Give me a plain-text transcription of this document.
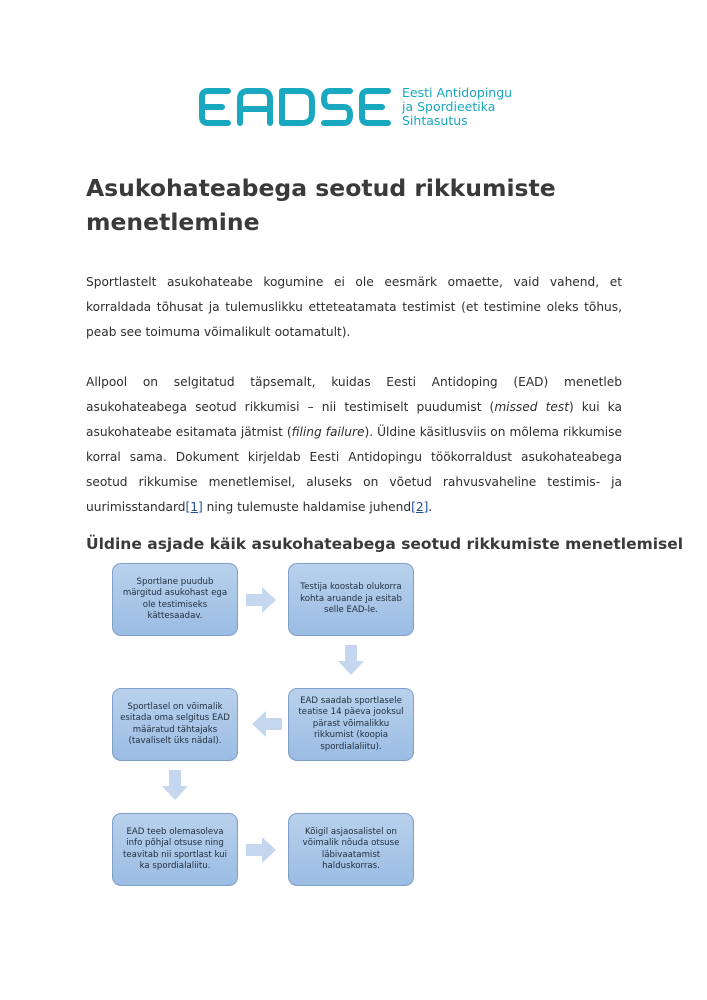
Eesti Antidopingu
ja Spordieetika
Sihtasutus
Asukohateabega seotud rikkumiste menetlemine

Sportlastelt asukohateabe kogumine ei ole eesmärk omaette, vaid vahend, et korraldada tõhusat ja tulemuslikku etteteatamata testimist (et testimine oleks tõhus, peab see toimuma võimalikult ootamatult).

Allpool on selgitatud täpsemalt, kuidas Eesti Antidoping (EAD) menetleb asukohateabega seotud rikkumisi – nii testimiselt puudumist (missed test) kui ka asukohateabe esitamata jätmist (filing failure). Üldine käsitlusviis on mõlema rikkumise korral sama. Dokument kirjeldab Eesti Antidopingu töökorraldust asukohateabega seotud rikkumise menetlemisel, aluseks on võetud rahvusvaheline testimis- ja uurimisstandard[1] ning tulemuste haldamise juhend[2].

Üldine asjade käik asukohateabega seotud rikkumiste menetlemisel
Sportlane puudub märgitud asukohast ega ole testimiseks kättesaadav.
Testija koostab olukorra kohta aruande ja esitab selle EAD-le.
EAD saadab sportlasele teatise 14 päeva jooksul pärast võimalikku rikkumist (koopia spordialaliitu).
Sportlasel on võimalik esitada oma selgitus EAD määratud tähtajaks (tavaliselt üks nädal).
EAD teeb olemasoleva info põhjal otsuse ning teavitab nii sportlast kui ka spordialaliitu.
Kõigil asjaosalistel on võimalik nõuda otsuse läbivaatamist halduskorras.
